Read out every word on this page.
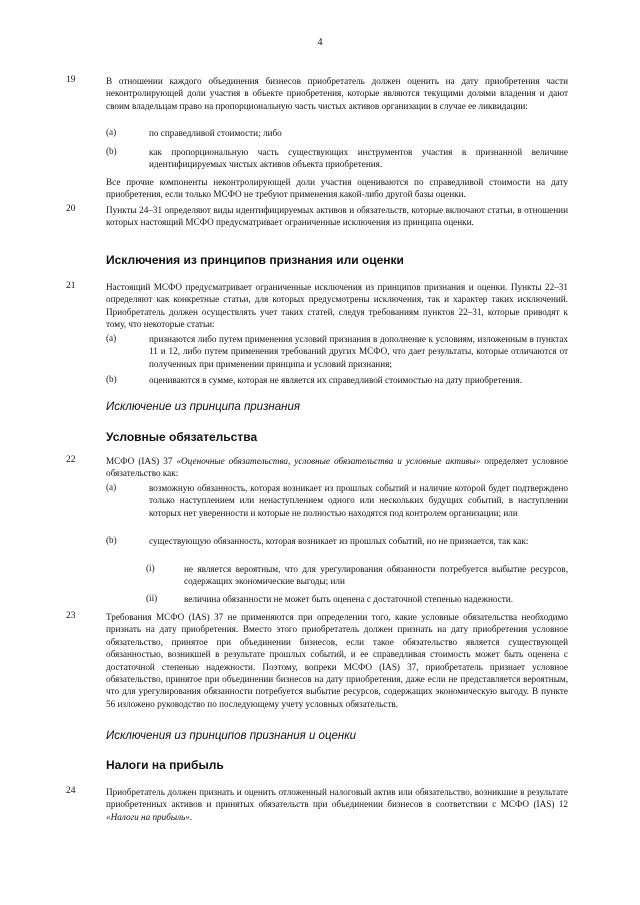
4
19	В отношении каждого объединения бизнесов приобретатель должен оценить на дату приобретения части неконтролирующей доли участия в объекте приобретения, которые являются текущими долями владения и дают своим владельцам право на пропорциональную часть чистых активов организации в случае ее ликвидации:
(a)	по справедливой стоимости; либо
(b)	как пропорциональную часть существующих инструментов участия в признанной величине идентифицируемых чистых активов объекта приобретения.
Все прочие компоненты неконтролирующей доли участия оцениваются по справедливой стоимости на дату приобретения, если только МСФО не требуют применения какой-либо другой базы оценки.
20	Пункты 24–31 определяют виды идентифицируемых активов и обязательств, которые включают статьи, в отношении которых настоящий МСФО предусматривает ограниченные исключения из принципа оценки.
Исключения из принципов признания или оценки
21	Настоящий МСФО предусматривает ограниченные исключения из принципов признания и оценки. Пункты 22–31 определяют как конкретные статьи, для которых предусмотрены исключения, так и характер таких исключений. Приобретатель должен осуществлять учет таких статей, следуя требованиям пунктов 22–31, которые приводят к тому, что некоторые статьи:
(a)	признаются либо путем применения условий признания в дополнение к условиям, изложенным в пунктах 11 и 12, либо путем применения требований других МСФО, что дает результаты, которые отличаются от полученных при применении принципа и условий признания;
(b)	оцениваются в сумме, которая не является их справедливой стоимостью на дату приобретения.
Исключение из принципа признания
Условные обязательства
22	МСФО (IAS) 37 «Оценочные обязательства, условные обязательства и условные активы» определяет условное обязательство как:
(a)	возможную обязанность, которая возникает из прошлых событий и наличие которой будет подтверждено только наступлением или ненаступлением одного или нескольких будущих событий, в наступлении которых нет уверенности и которые не полностью находятся под контролем организации; или
(b)	существующую обязанность, которая возникает из прошлых событий, но не признается, так как:
(i)	не является вероятным, что для урегулирования обязанности потребуется выбытие ресурсов, содержащих экономические выгоды; или
(ii)	величина обязанности не может быть оценена с достаточной степенью надежности.
23	Требования МСФО (IAS) 37 не применяются при определении того, какие условные обязательства необходимо признать на дату приобретения. Вместо этого приобретатель должен признать на дату приобретения условное обязательство, принятое при объединении бизнесов, если такое обязательство является существующей обязанностью, возникшей в результате прошлых событий, и ее справедливая стоимость может быть оценена с достаточной степенью надежности. Поэтому, вопреки МСФО (IAS) 37, приобретатель признает условное обязательство, принятое при объединении бизнесов на дату приобретения, даже если не представляется вероятным, что для урегулирования обязанности потребуется выбытие ресурсов, содержащих экономическую выгоду. В пункте 56 изложено руководство по последующему учету условных обязательств.
Исключения из принципов признания и оценки
Налоги на прибыль
24	Приобретатель должен признать и оценить отложенный налоговый актив или обязательство, возникшие в результате приобретенных активов и принятых обязательств при объединении бизнесов в соответствии с МСФО (IAS) 12 «Налоги на прибыль».
